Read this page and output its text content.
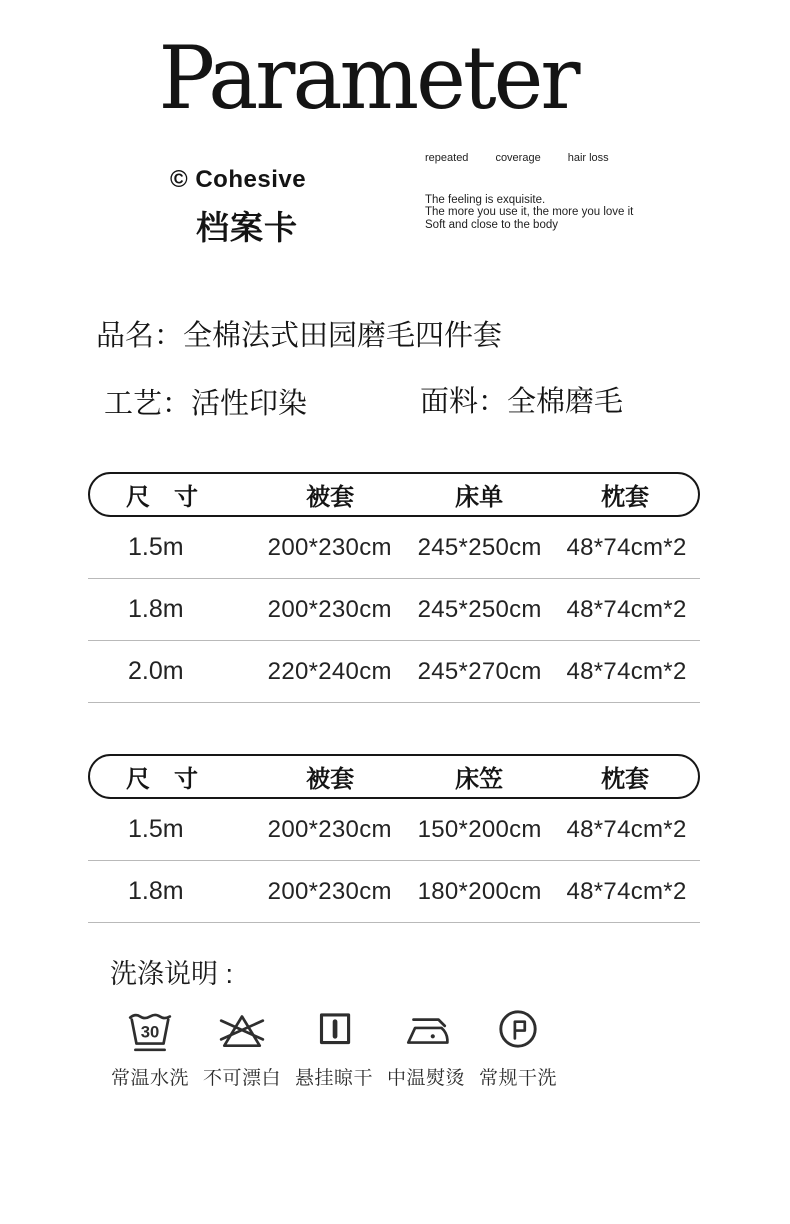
Parameter
© Cohesive
档案卡
repeated coverage hair loss
The feeling is exquisite.
The more you use it, the more you love it
Soft and close to the body
品名：全棉法式田园磨毛四件套
工艺：活性印染	面料：全棉磨毛
尺　寸	被套	床单	枕套
1.5m	200*230cm	245*250cm	48*74cm*2
1.8m	200*230cm	245*250cm	48*74cm*2
2.0m	220*240cm	245*270cm	48*74cm*2
尺　寸	被套	床笠	枕套
1.5m	200*230cm	150*200cm	48*74cm*2
1.8m	200*230cm	180*200cm	48*74cm*2
洗涤说明 :
30
常温水洗 不可漂白 悬挂晾干 中温熨烫 常规干洗
